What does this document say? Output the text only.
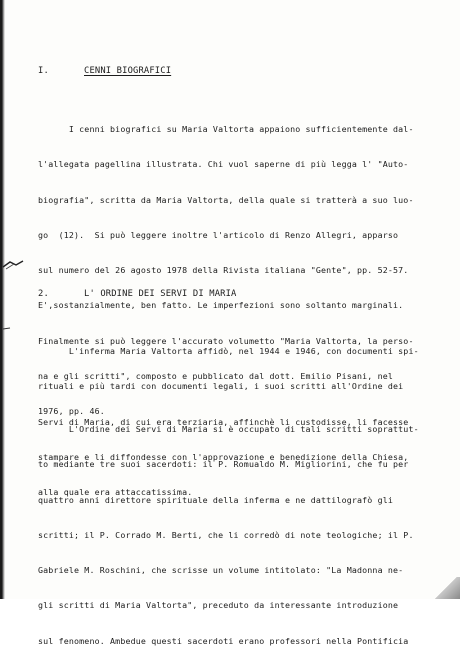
I.	CENNI BIOGRAFICI

I cenni biografici su Maria Valtorta appaiono sufficientemente dal-

l'allegata pagellina illustrata. Chi vuol saperne di più legga l' "Auto-

biografia", scritta da Maria Valtorta, della quale si tratterà a suo luo-

go  (12).  Si può leggere inoltre l'articolo di Renzo Allegri, apparso

sul numero del 26 agosto 1978 della Rivista italiana "Gente", pp. 52-57.

E',sostanzialmente, ben fatto. Le imperfezioni sono soltanto marginali.

Finalmente si può leggere l'accurato volumetto "Maria Valtorta, la perso-

na e gli scritti", composto e pubblicato dal dott. Emilio Pisani, nel

1976, pp. 46.

2.	L' ORDINE DEI SERVI DI MARIA

L'inferma Maria Valtorta affidò, nel 1944 e 1946, con documenti spi-

rituali e più tardi con documenti legali, i suoi scritti all'Ordine dei

Servi di Maria, di cui era terziaria, affinchè li custodisse, li facesse

stampare e li diffondesse con l'approvazione e benedizione della Chiesa,

alla quale era attaccatissima.

L'Ordine dei Servi di Maria si è occupato di tali scritti soprattut-

to mediante tre suoi sacerdoti: il P. Romualdo M. Migliorini, che fu per

quattro anni direttore spirituale della inferma e ne dattilografò gli

scritti; il P. Corrado M. Berti, che li corredò di note teologiche; il P.

Gabriele M. Roschini, che scrisse un volume intitolato: "La Madonna ne-

gli scritti di Maria Valtorta", preceduto da interessante introduzione

sul fenomeno. Ambedue questi sacerdoti erano professori nella Pontificia
